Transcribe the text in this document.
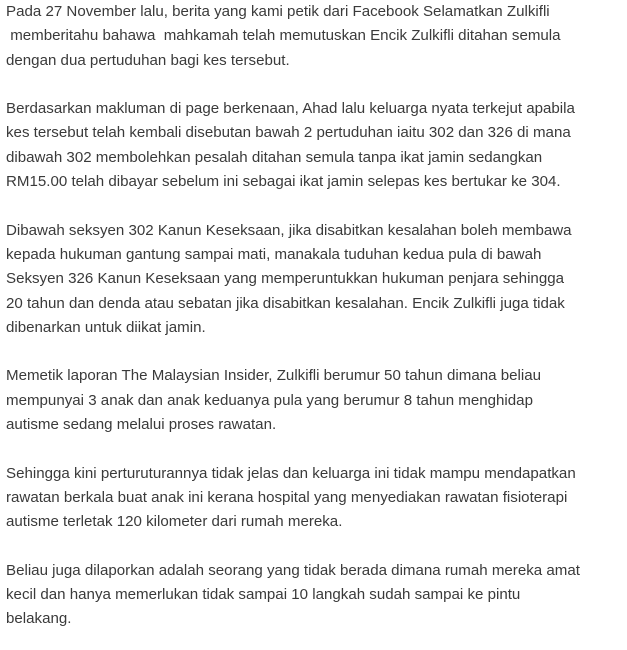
Pada 27 November lalu, berita yang kami petik dari Facebook Selamatkan Zulkifli
memberitahu bahawa  mahkamah telah memutuskan Encik Zulkifli ditahan semula
dengan dua pertuduhan bagi kes tersebut.

Berdasarkan makluman di page berkenaan, Ahad lalu keluarga nyata terkejut apabila
kes tersebut telah kembali disebutan bawah 2 pertuduhan iaitu 302 dan 326 di mana
dibawah 302 membolehkan pesalah ditahan semula tanpa ikat jamin sedangkan
RM15.00 telah dibayar sebelum ini sebagai ikat jamin selepas kes bertukar ke 304.

Dibawah seksyen 302 Kanun Keseksaan, jika disabitkan kesalahan boleh membawa
kepada hukuman gantung sampai mati, manakala tuduhan kedua pula di bawah
Seksyen 326 Kanun Keseksaan yang memperuntukkan hukuman penjara sehingga
20 tahun dan denda atau sebatan jika disabitkan kesalahan. Encik Zulkifli juga tidak
dibenarkan untuk diikat jamin.

Memetik laporan The Malaysian Insider, Zulkifli berumur 50 tahun dimana beliau
mempunyai 3 anak dan anak keduanya pula yang berumur 8 tahun menghidap
autisme sedang melalui proses rawatan.

Sehingga kini perturuturannya tidak jelas dan keluarga ini tidak mampu mendapatkan
rawatan berkala buat anak ini kerana hospital yang menyediakan rawatan fisioterapi
autisme terletak 120 kilometer dari rumah mereka.

Beliau juga dilaporkan adalah seorang yang tidak berada dimana rumah mereka amat
kecil dan hanya memerlukan tidak sampai 10 langkah sudah sampai ke pintu
belakang.
